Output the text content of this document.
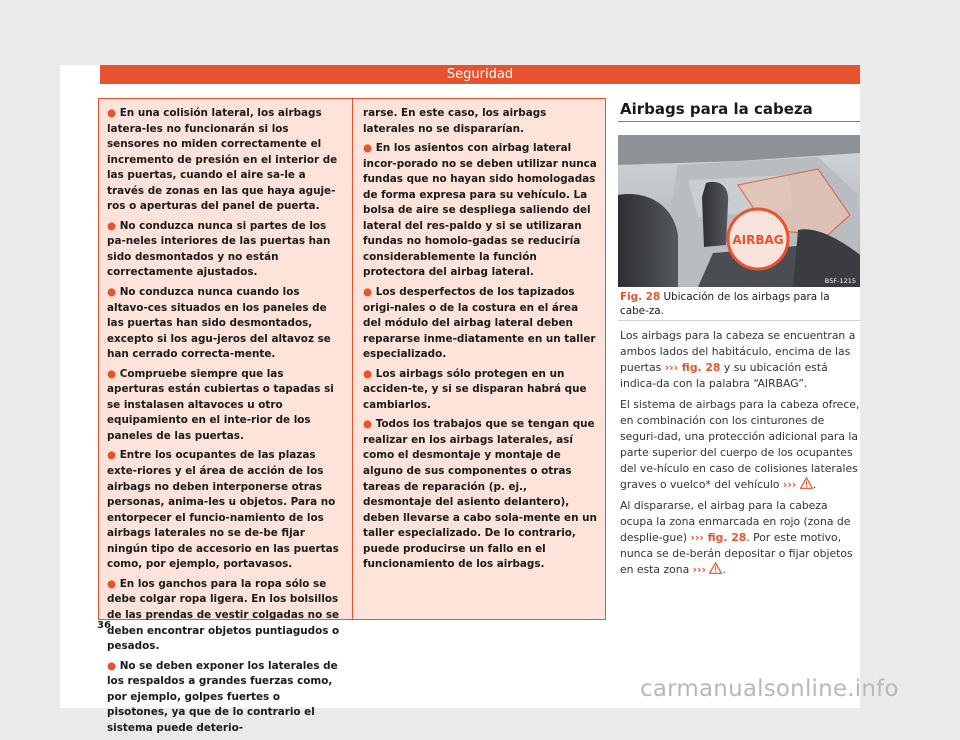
Seguridad

● En una colisión lateral, los airbags latera-les no funcionarán si los sensores no miden correctamente el incremento de presión en el interior de las puertas, cuando el aire sa-le a través de zonas en las que haya aguje-ros o aperturas del panel de puerta.

● No conduzca nunca si partes de los pa-neles interiores de las puertas han sido desmontados y no están correctamente ajustados.

● No conduzca nunca cuando los altavo-ces situados en los paneles de las puertas han sido desmontados, excepto si los agu-jeros del altavoz se han cerrado correcta-mente.

● Compruebe siempre que las aperturas están cubiertas o tapadas si se instalasen altavoces u otro equipamiento en el inte-rior de los paneles de las puertas.

● Entre los ocupantes de las plazas exte-riores y el área de acción de los airbags no deben interponerse otras personas, anima-les u objetos. Para no entorpecer el funcio-namiento de los airbags laterales no se de-be fijar ningún tipo de accesorio en las puertas como, por ejemplo, portavasos.

● En los ganchos para la ropa sólo se debe colgar ropa ligera. En los bolsillos de las prendas de vestir colgadas no se deben encontrar objetos puntiagudos o pesados.

● No se deben exponer los laterales de los respaldos a grandes fuerzas como, por ejemplo, golpes fuertes o pisotones, ya que de lo contrario el sistema puede deterio-

rarse. En este caso, los airbags laterales no se dispararían.

● En los asientos con airbag lateral incor-porado no se deben utilizar nunca fundas que no hayan sido homologadas de forma expresa para su vehículo. La bolsa de aire se despliega saliendo del lateral del res-paldo y si se utilizaran fundas no homolo-gadas se reduciría considerablemente la función protectora del airbag lateral.

● Los desperfectos de los tapizados origi-nales o de la costura en el área del módulo del airbag lateral deben repararse inme-diatamente en un taller especializado.

● Los airbags sólo protegen en un acciden-te, y si se disparan habrá que cambiarlos.

● Todos los trabajos que se tengan que realizar en los airbags laterales, así como el desmontaje y montaje de alguno de sus componentes o otras tareas de reparación (p. ej., desmontaje del asiento delantero), deben llevarse a cabo sola-mente en un taller especializado. De lo contrario, puede producirse un fallo en el funcionamiento de los airbags.

Airbags para la cabeza
AIRBAG
B5F-1215
Fig. 28 Ubicación de los airbags para la cabe-za.

Los airbags para la cabeza se encuentran a ambos lados del habitáculo, encima de las puertas ››› fig. 28 y su ubicación está indica-da con la palabra “AIRBAG”.

El sistema de airbags para la cabeza ofrece, en combinación con los cinturones de seguri-dad, una protección adicional para la parte superior del cuerpo de los ocupantes del ve-hículo en caso de colisiones laterales graves o vuelco* del vehículo ››› .

Al dispararse, el airbag para la cabeza ocupa la zona enmarcada en rojo (zona de desplie-gue) ››› fig. 28. Por este motivo, nunca se de-berán depositar o fijar objetos en esta zona ››› .

36
carmanualsonline.info
